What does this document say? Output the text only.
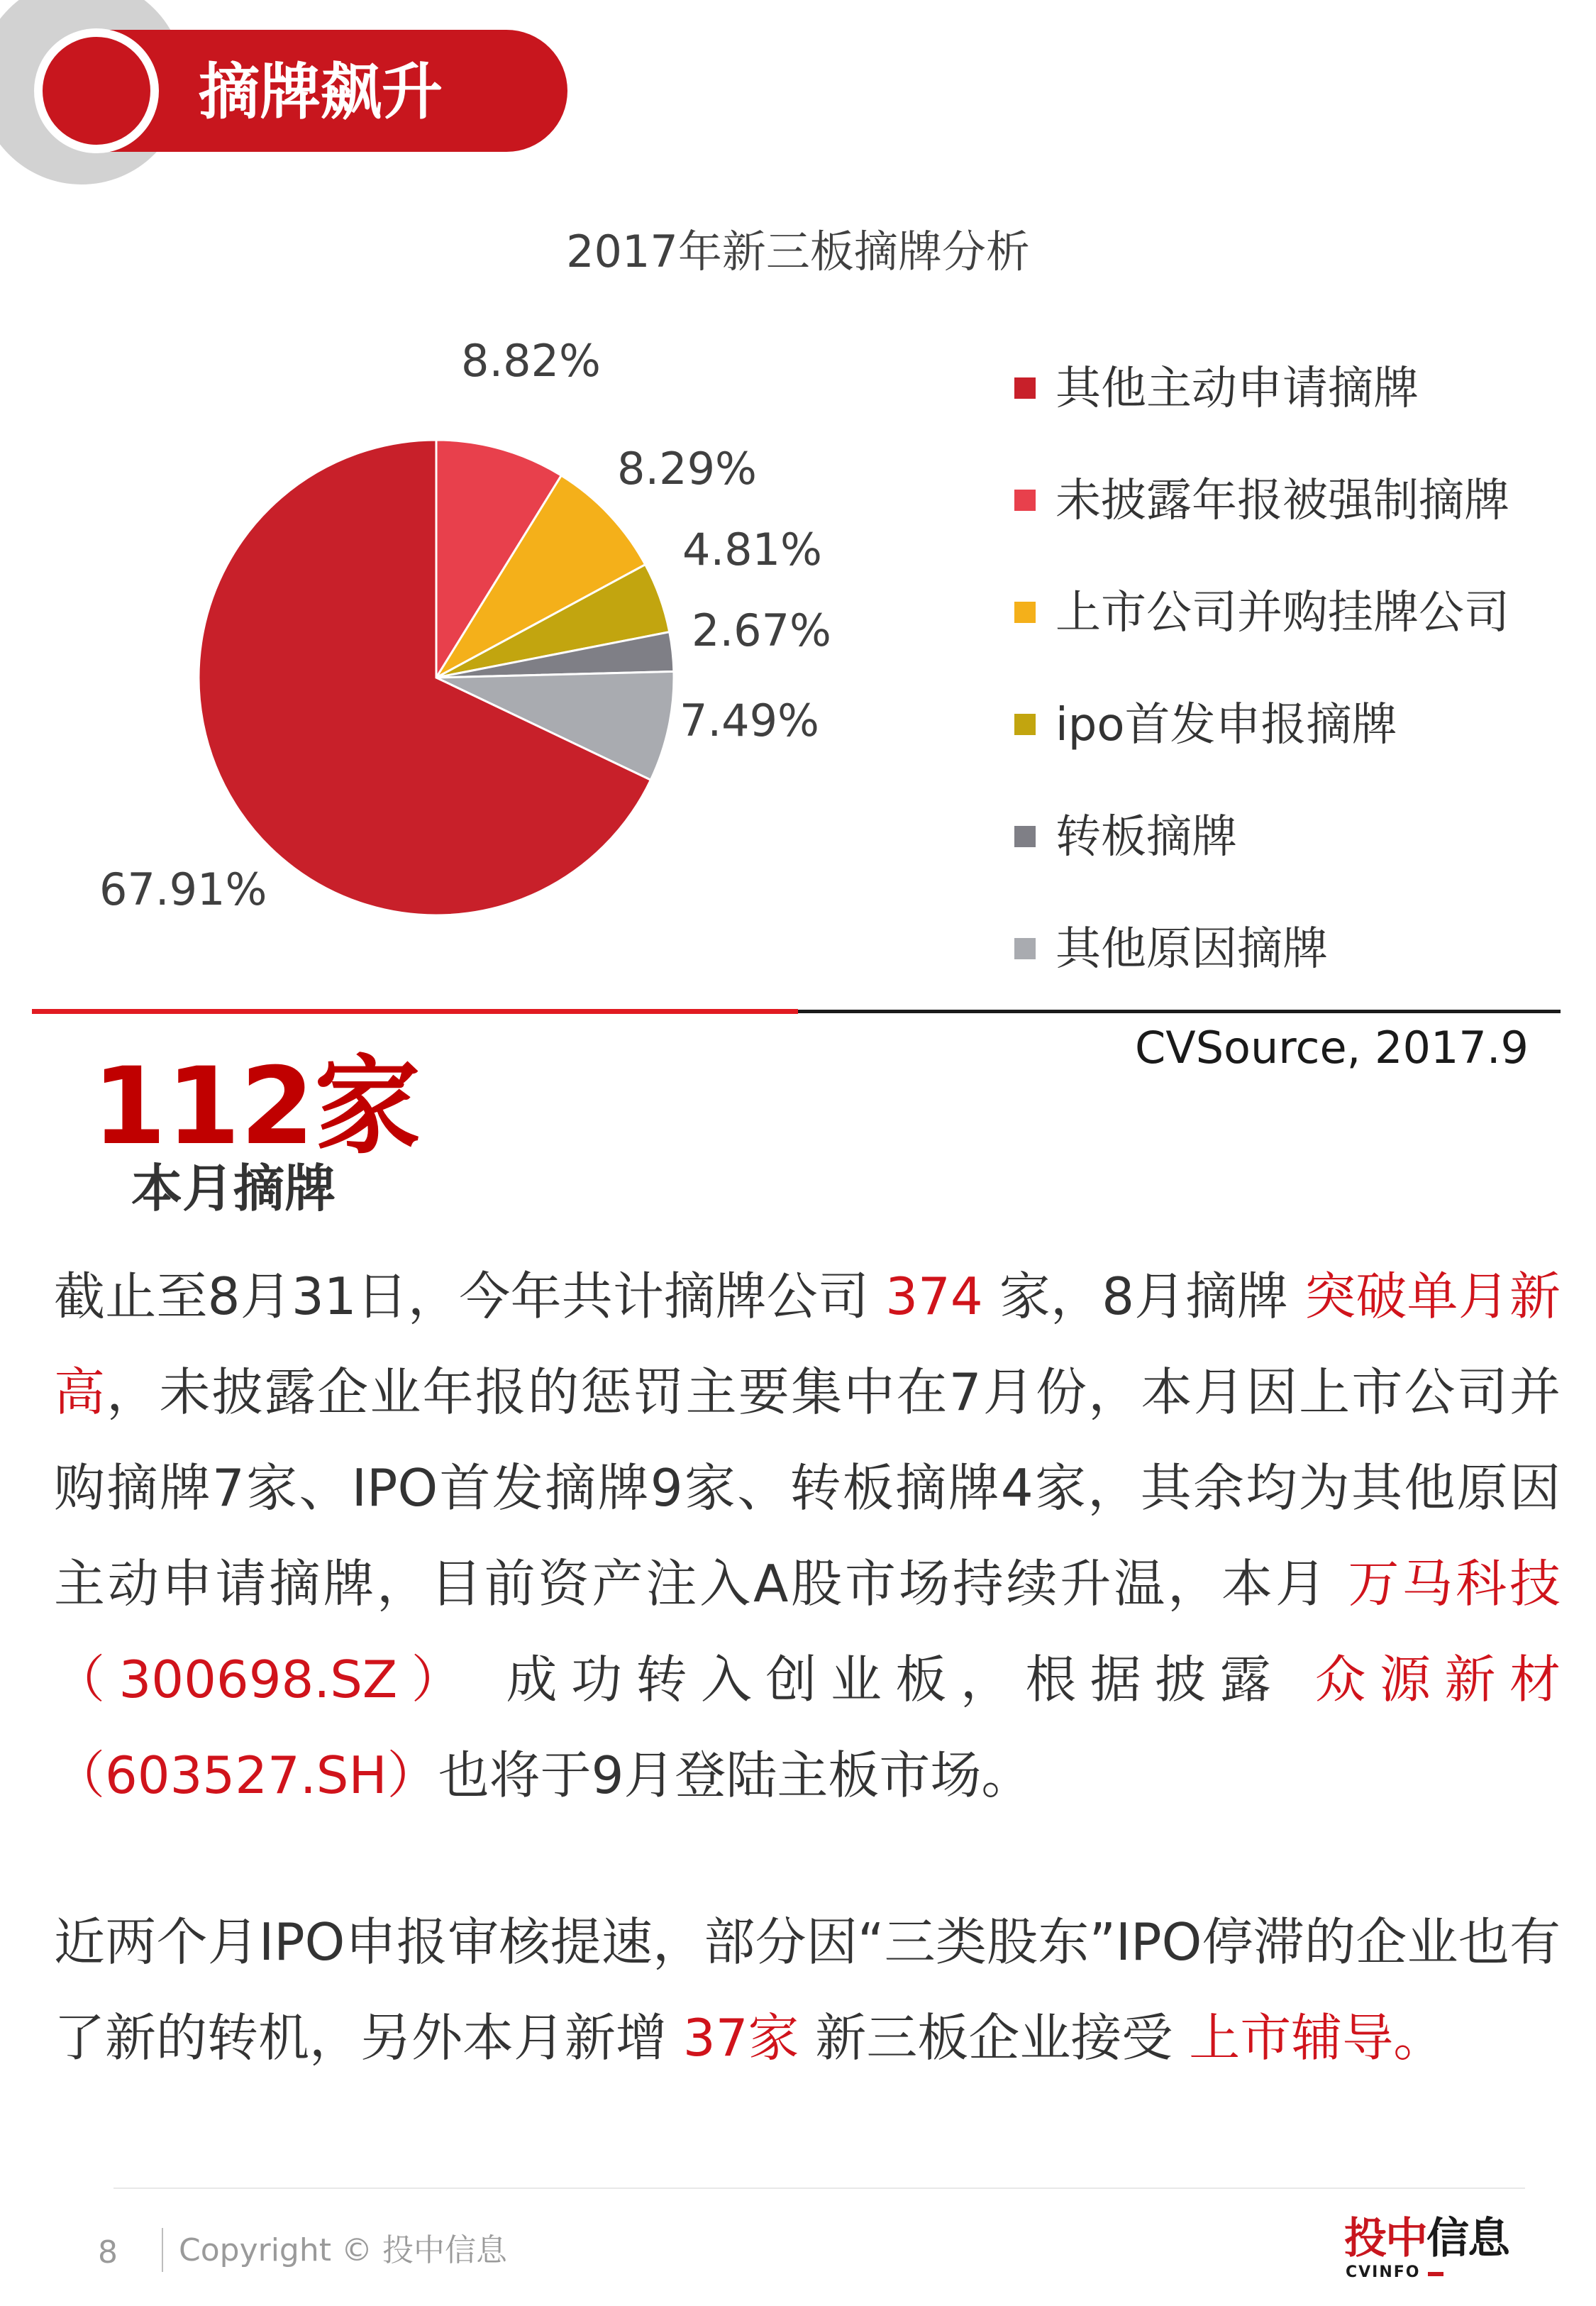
摘牌飙升
2017年新三板摘牌分析
67.91%
8.82%
8.29%
4.81%
2.67%
7.49%
其他主动申请摘牌
未披露年报被强制摘牌
上市公司并购挂牌公司
ipo首发申报摘牌
转板摘牌
其他原因摘牌
CVSource, 2017.9
112家
本月摘牌

截止至8月31日，今年共计摘牌公司 374 家，8月摘牌 突破单月新高，未披露企业年报的惩罚主要集中在7月份，本月因上市公司并购摘牌7家、IPO首发摘牌9家、转板摘牌4家，其余均为其他原因主动申请摘牌，目前资产注入A股市场持续升温，本月 万马科技（300698.SZ） 成功转入创业板，根据披露 众源新材（603527.SH）也将于9月登陆主板市场。

近两个月IPO申报审核提速，部分因“三类股东”IPO停滞的企业也有了新的转机，另外本月新增 37家 新三板企业接受 上市辅导。

8 Copyright © 投中信息	投中信息
CVINFO
